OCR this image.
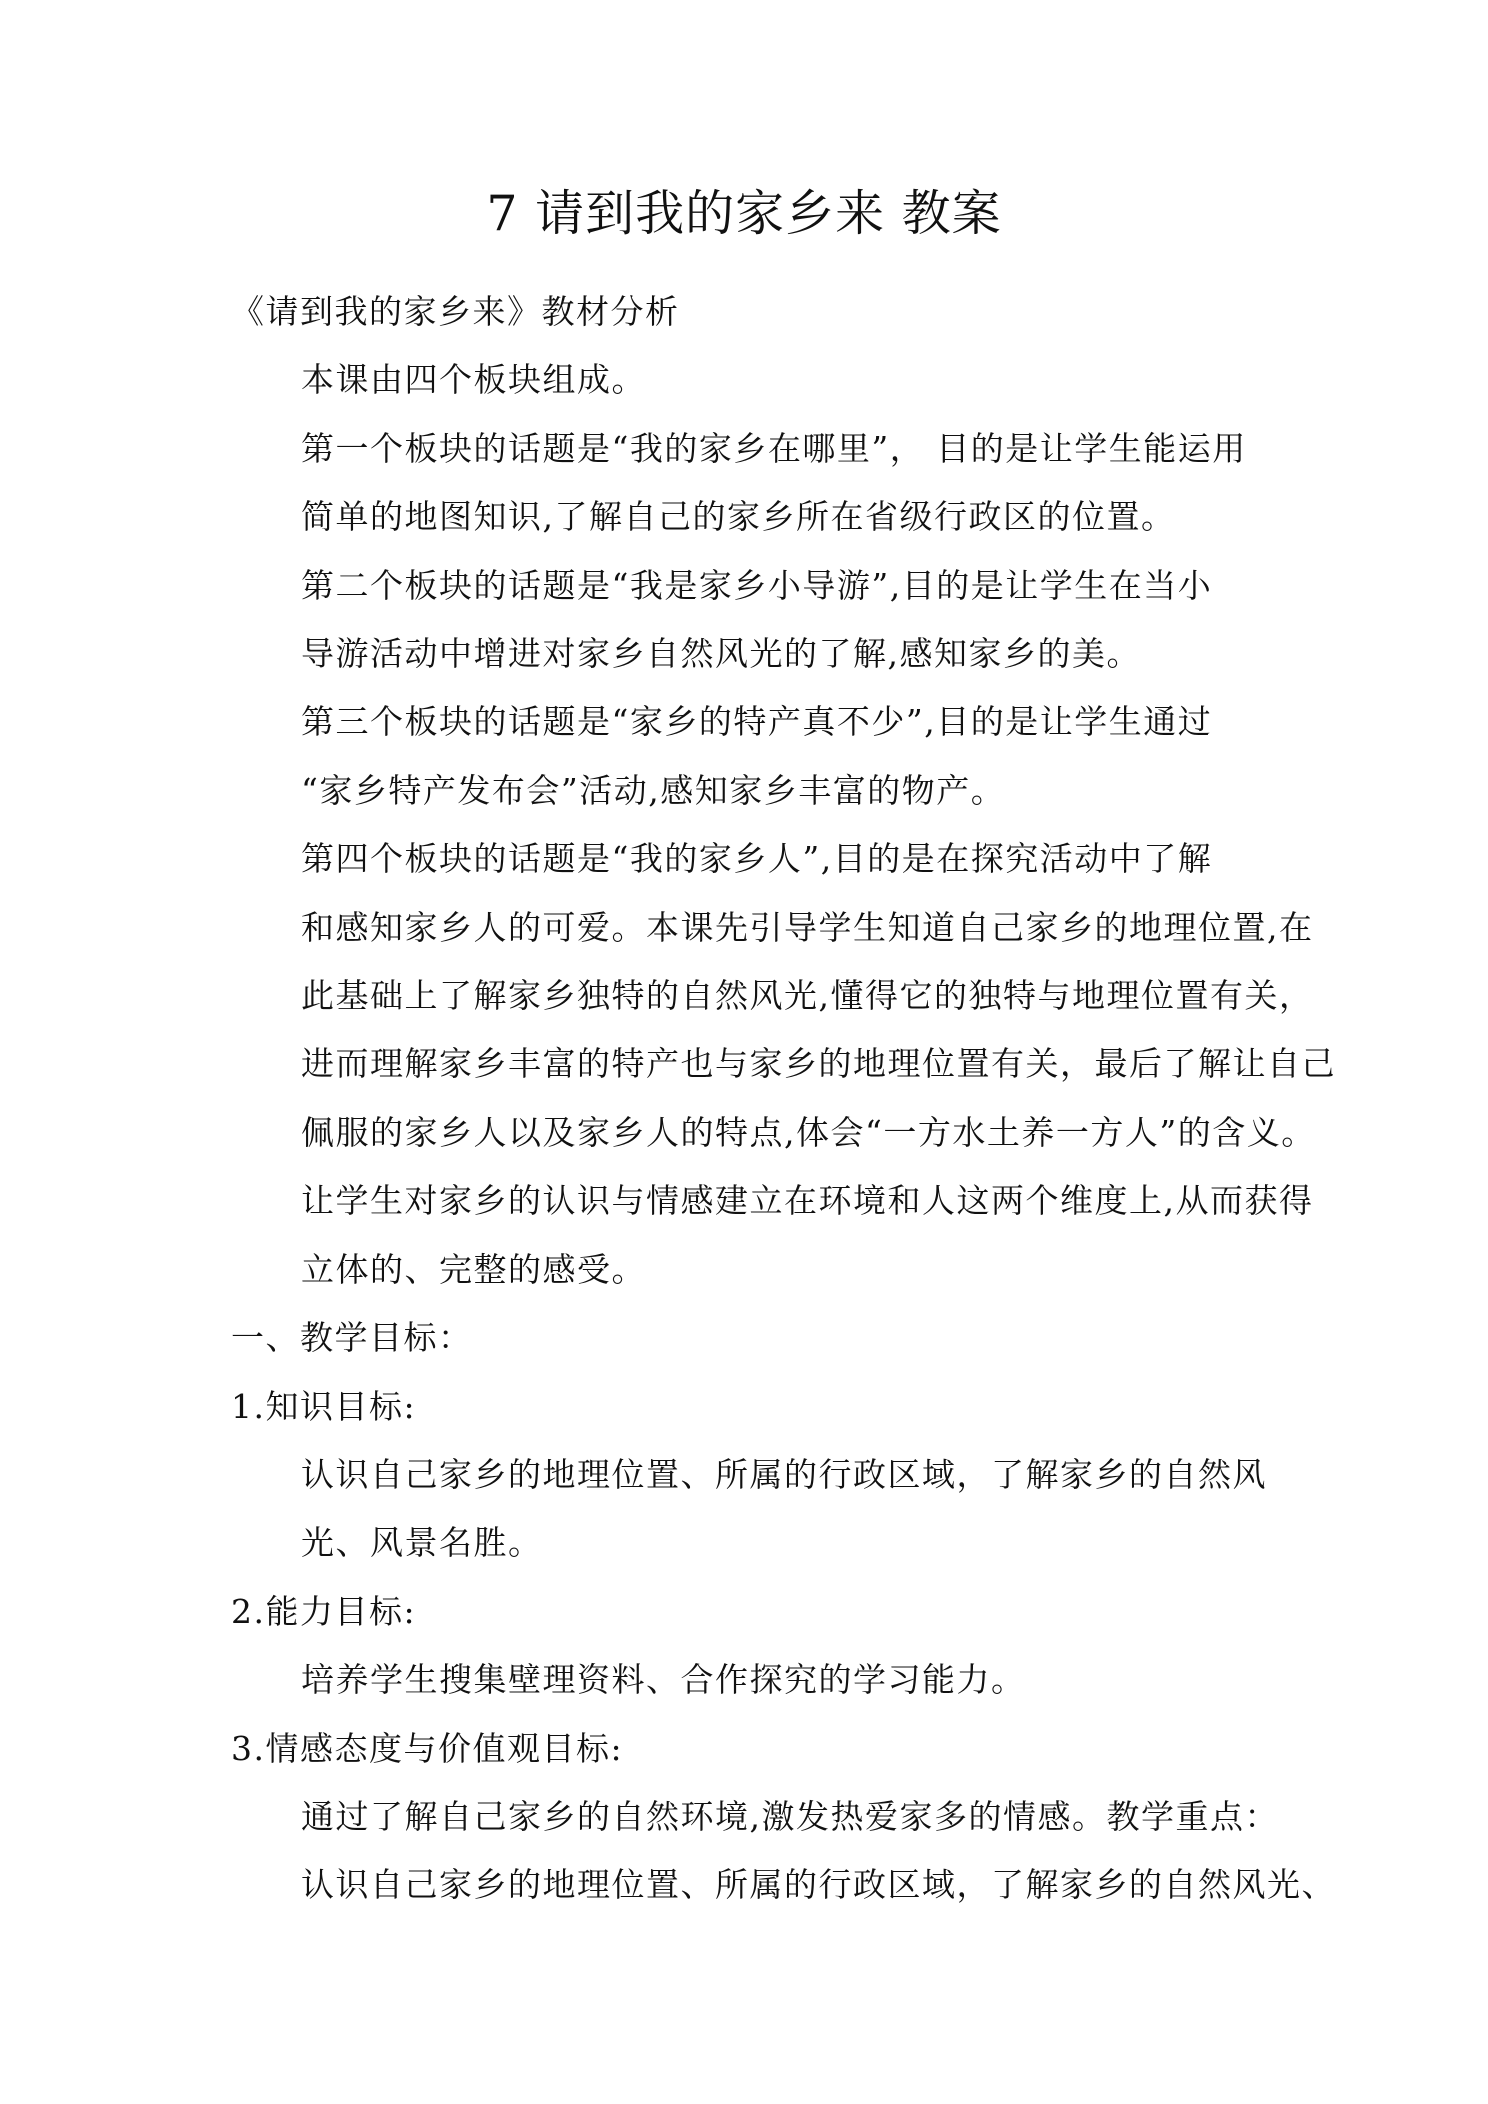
7 请到我的家乡来 教案

《请到我的家乡来》教材分析

本课由四个板块组成。

第一个板块的话题是“我的家乡在哪里”， 目的是让学生能运用
简单的地图知识,了解自己的家乡所在省级行政区的位置。

第二个板块的话题是“我是家乡小导游”,目的是让学生在当小
导游活动中增进对家乡自然风光的了解,感知家乡的美。

第三个板块的话题是“家乡的特产真不少”,目的是让学生通过
“家乡特产发布会”活动,感知家乡丰富的物产。

第四个板块的话题是“我的家乡人”,目的是在探究活动中了解
和感知家乡人的可爱。本课先引导学生知道自己家乡的地理位置,在
此基础上了解家乡独特的自然风光,懂得它的独特与地理位置有关，
进而理解家乡丰富的特产也与家乡的地理位置有关，最后了解让自己
佩服的家乡人以及家乡人的特点,体会“一方水土养一方人”的含义。
让学生对家乡的认识与情感建立在环境和人这两个维度上,从而获得
立体的、完整的感受。

一、教学目标：

1.知识目标:

认识自己家乡的地理位置、所属的行政区域，了解家乡的自然风
光、风景名胜。

2.能力目标:

培养学生搜集壁理资料、合作探究的学习能力。

3.情感态度与价值观目标:

通过了解自己家乡的自然环境,激发热爱家多的情感。教学重点：
认识自己家乡的地理位置、所属的行政区域，了解家乡的自然风光、
